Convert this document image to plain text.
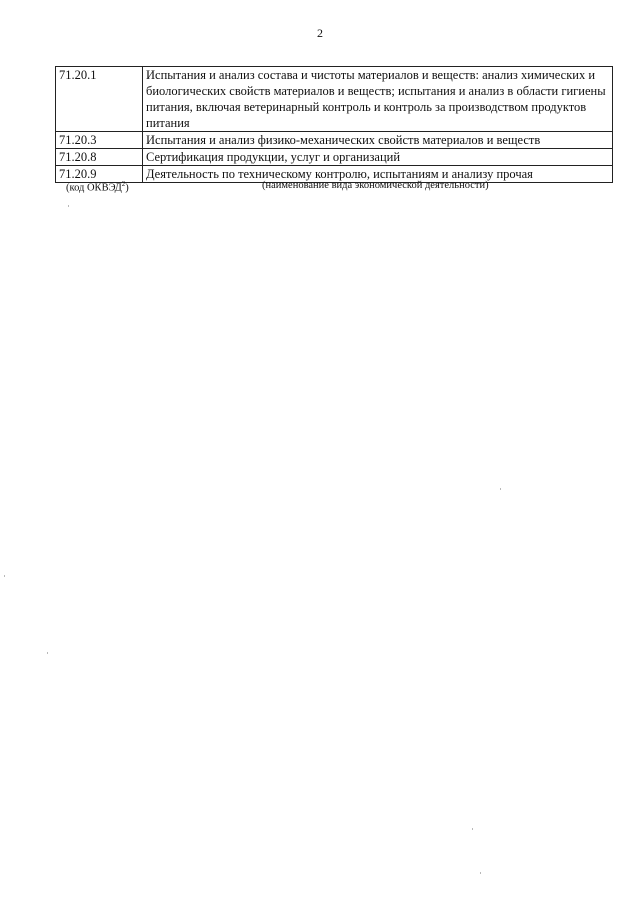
2
71.20.1	Испытания и анализ состава и чистоты материалов и веществ: анализ химических и биологических свойств материалов и веществ; испытания и анализ в области гигиены питания, включая ветеринарный контроль и контроль за производством продуктов питания
71.20.3	Испытания и анализ физико-механических свойств материалов и веществ
71.20.8	Сертификация продукции, услуг и организаций
71.20.9	Деятельность по техническому контролю, испытаниям и анализу прочая
(код ОКВЭД$^2$)	(наименование вида экономической деятельности)
